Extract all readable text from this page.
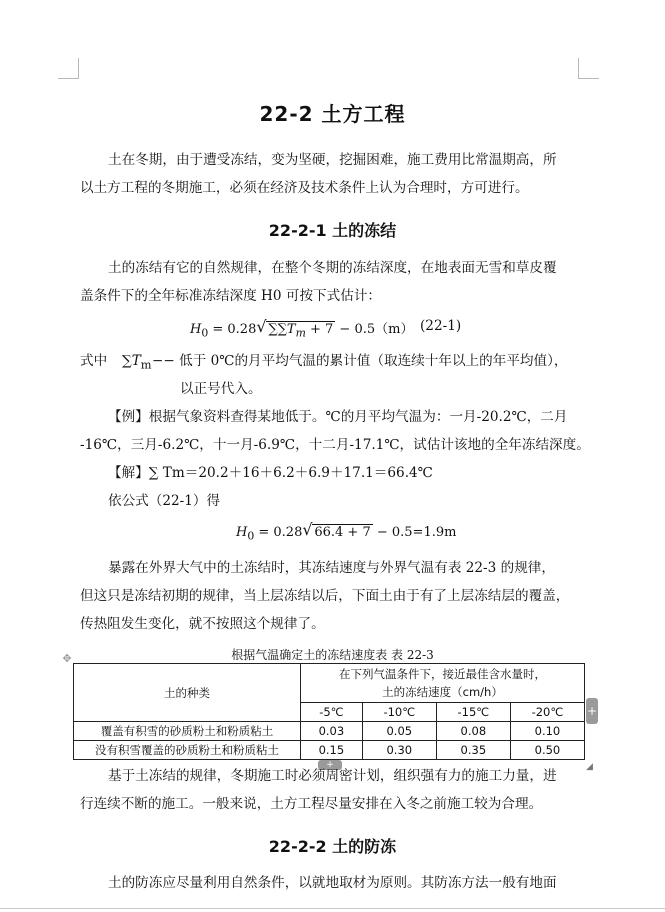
22-2 土方工程
土在冬期，由于遭受冻结，变为坚硬，挖掘困难，施工费用比常温期高，所
以土方工程的冬期施工，必须在经济及技术条件上认为合理时，方可进行。
22-2-1 土的冻结
土的冻结有它的自然规律，在整个冬期的冻结深度，在地表面无雪和草皮覆
盖条件下的全年标准冻结深度 H0 可按下式估计：
$H_0 = 0.28$ √ $\sum\sum T_m + 7 - 0.5(m)$ (22-1)
式中 $\sum T_m$ −− 低于 0℃的月平均气温的累计值（取连续十年以上的年平均值），
以正号代入。
【例】根据气象资料查得某地低于。℃的月平均气温为：一月-20.2℃，二月
-16℃，三月-6.2℃，十一月-6.9℃，十二月-17.1℃，试估计该地的全年冻结深度。
【解】∑ Tm＝20.2＋16＋6.2＋6.9＋17.1＝66.4℃
依公式（22-1）得
$H_0 = 0.28$ √ 66.4 + 7 − 0.5=1.9m
暴露在外界大气中的土冻结时，其冻结速度与外界气温有表 22-3 的规律，
但这只是冻结初期的规律，当上层冻结以后，下面土由于有了上层冻结层的覆盖，
传热阻发生变化，就不按照这个规律了。
根据气温确定土的冻结速度表 表 22-3
✥
土的种类	在下列气温条件下，接近最佳含水量时，
土的冻结速度（cm/h）			
	-5℃	-10℃	-15℃	-20℃
覆盖有积雪的砂质粉土和粉质粘土	0.03	0.05	0.08	0.10
没有积雪覆盖的砂质粉土和粉质粘土	0.15	0.30	0.35	0.50
+
+	◢
基于土冻结的规律，冬期施工时必须周密计划，组织强有力的施工力量，进
行连续不断的施工。一般来说，土方工程尽量安排在入冬之前施工较为合理。
22-2-2 土的防冻
土的防冻应尽量利用自然条件，以就地取材为原则。其防冻方法一般有地面
